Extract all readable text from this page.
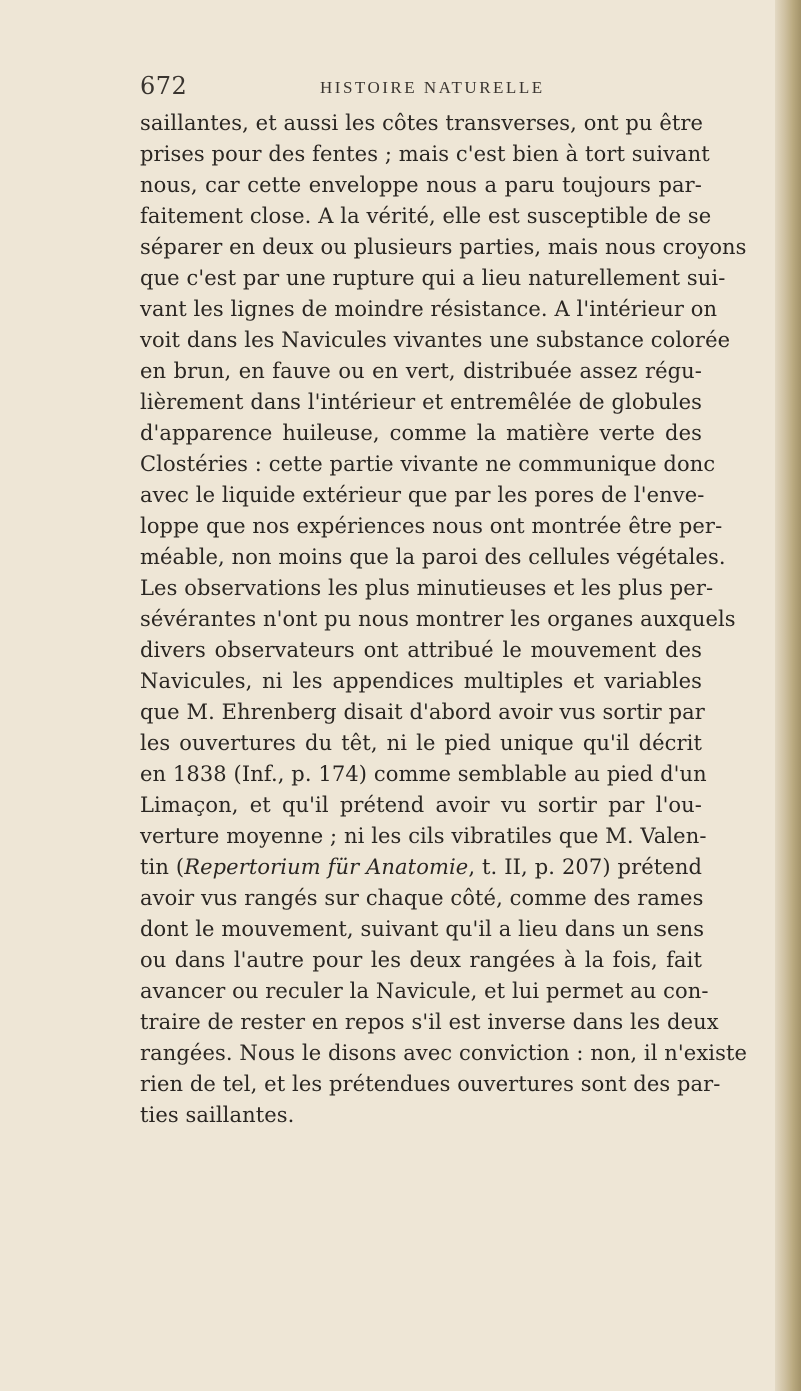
672	HISTOIRE NATURELLE
saillantes, et aussi les côtes transverses, ont pu être
prises pour des fentes ; mais c'est bien à tort suivant
nous, car cette enveloppe nous a paru toujours par-
faitement close. A la vérité, elle est susceptible de se
séparer en deux ou plusieurs parties, mais nous croyons
que c'est par une rupture qui a lieu naturellement sui-
vant les lignes de moindre résistance. A l'intérieur on
voit dans les Navicules vivantes une substance colorée
en brun, en fauve ou en vert, distribuée assez régu-
lièrement dans l'intérieur et entremêlée de globules
d'apparence huileuse, comme la matière verte des
Clostéries : cette partie vivante ne communique donc
avec le liquide extérieur que par les pores de l'enve-
loppe que nos expériences nous ont montrée être per-
méable, non moins que la paroi des cellules végétales.
Les observations les plus minutieuses et les plus per-
sévérantes n'ont pu nous montrer les organes auxquels
divers observateurs ont attribué le mouvement des
Navicules, ni les appendices multiples et variables
que M. Ehrenberg disait d'abord avoir vus sortir par
les ouvertures du têt, ni le pied unique qu'il décrit
en 1838 (Inf., p. 174) comme semblable au pied d'un
Limaçon, et qu'il prétend avoir vu sortir par l'ou-
verture moyenne ; ni les cils vibratiles que M. Valen-
tin (Repertorium für Anatomie, t. II, p. 207) prétend
avoir vus rangés sur chaque côté, comme des rames
dont le mouvement, suivant qu'il a lieu dans un sens
ou dans l'autre pour les deux rangées à la fois, fait
avancer ou reculer la Navicule, et lui permet au con-
traire de rester en repos s'il est inverse dans les deux
rangées. Nous le disons avec conviction : non, il n'existe
rien de tel, et les prétendues ouvertures sont des par-
ties saillantes.
